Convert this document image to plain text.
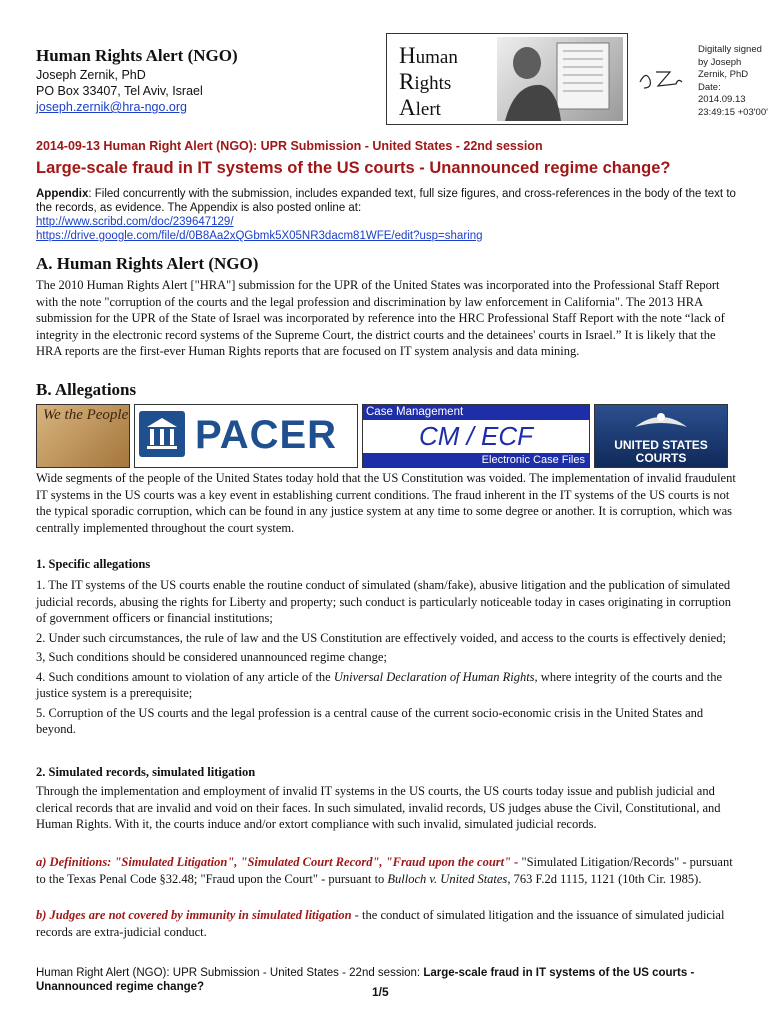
Human Rights Alert (NGO)
Joseph Zernik, PhD
PO Box 33407, Tel Aviv, Israel
joseph.zernik@hra-ngo.org
Human
Rights
Alert
Digitally signed
by Joseph
Zernik, PhD
Date: 2014.09.13
23:49:15 +03'00'
2014-09-13 Human Right Alert (NGO): UPR Submission - United States - 22nd session
Large-scale fraud in IT systems of the US courts - Unannounced regime change?
Appendix: Filed concurrently with the submission, includes expanded text, full size figures, and cross-references in the body of the text to the records, as evidence. The Appendix is also posted online at:
http://www.scribd.com/doc/239647129/
https://drive.google.com/file/d/0B8Aa2xQGbmk5X05NR3dacm81WFE/edit?usp=sharing
A. Human Rights Alert (NGO)

The 2010 Human Rights Alert ["HRA"] submission for the UPR of the United States was incorporated into the Professional Staff Report with the note "corruption of the courts and the legal profession and discrimination by law enforcement in California". The 2013 HRA submission for the UPR of the State of Israel was incorporated by reference into the HRC Professional Staff Report with the note “lack of integrity in the electronic record systems of the Supreme Court, the district courts and the detainees' courts in Israel.” It is likely that the HRA reports are the first-ever Human Rights reports that are focused on IT system analysis and data mining.

B. Allegations
We the People PACER
Case Management
CM / ECF
Electronic Case Files
UNITED STATES COURTS

Wide segments of the people of the United States today hold that the US Constitution was voided. The implementation of invalid fraudulent IT systems in the US courts was a key event in establishing current conditions. The fraud inherent in the IT systems of the US courts is not the typical sporadic corruption, which can be found in any justice system at any time to some degree or another. It is corruption, which was centrally implemented throughout the court system.

1. Specific allegations
1. The IT systems of the US courts enable the routine conduct of simulated (sham/fake), abusive litigation and the publication of simulated judicial records, abusing the rights for Liberty and property; such conduct is particularly noticeable today in cases originating in corruption of government officers or financial institutions;
2. Under such circumstances, the rule of law and the US Constitution are effectively voided, and access to the courts is effectively denied;
3, Such conditions should be considered unannounced regime change;
4. Such conditions amount to violation of any article of the Universal Declaration of Human Rights, where integrity of the courts and the justice system is a prerequisite;
5. Corruption of the US courts and the legal profession is a central cause of the current socio-economic crisis in the United States and beyond.
2. Simulated records, simulated litigation

Through the implementation and employment of invalid IT systems in the US courts, the US courts today issue and publish judicial and clerical records that are invalid and void on their faces. In such simulated, invalid records, US judges abuse the Civil, Constitutional, and Human Rights. With it, the courts induce and/or extort compliance with such invalid, simulated judicial records.

a) Definitions: "Simulated Litigation", "Simulated Court Record", "Fraud upon the court" - "Simulated Litigation/Records" - pursuant to the Texas Penal Code §32.48; "Fraud upon the Court" - pursuant to Bulloch v. United States, 763 F.2d 1115, 1121 (10th Cir. 1985).

b) Judges are not covered by immunity in simulated litigation - the conduct of simulated litigation and the issuance of simulated judicial records are extra-judicial conduct.

Human Right Alert (NGO): UPR Submission - United States - 22nd session: Large-scale fraud in IT systems of the US courts - Unannounced regime change?	1/5
